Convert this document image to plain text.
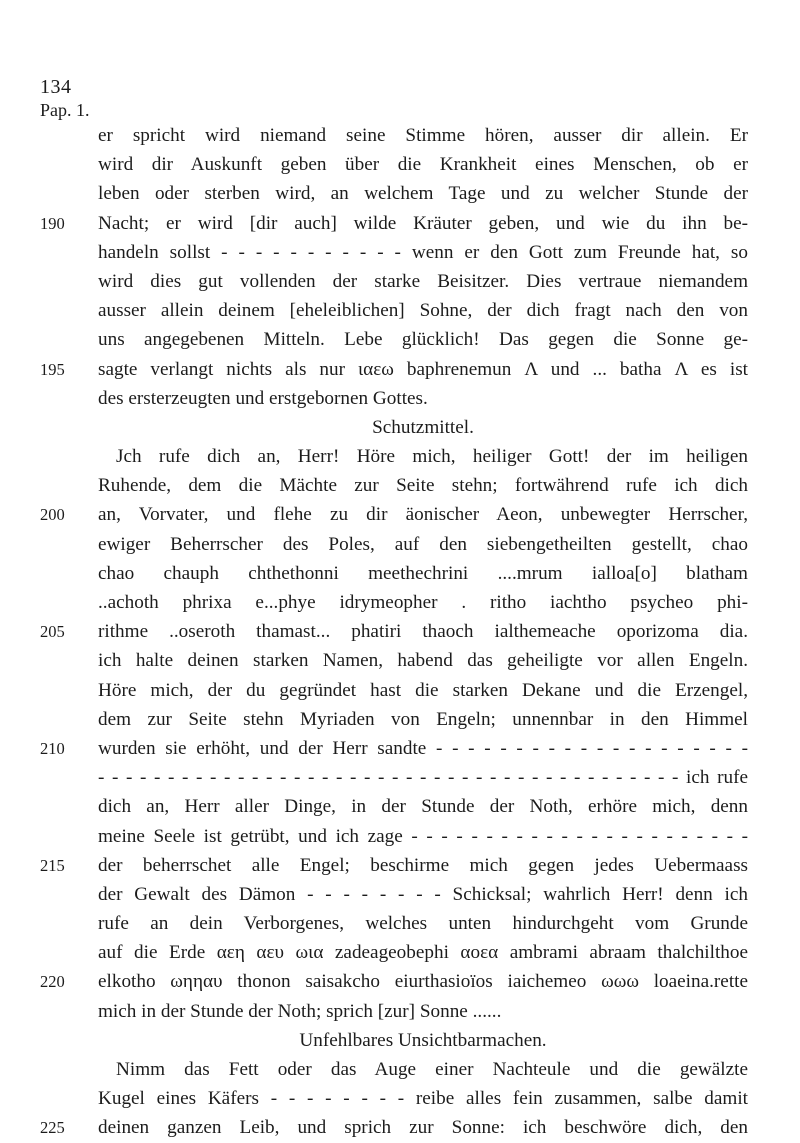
134
Pap. 1.
er spricht wird niemand seine Stimme hören, ausser dir allein. Er
wird dir Auskunft geben über die Krankheit eines Menschen, ob er
leben oder sterben wird, an welchem Tage und zu welcher Stunde der
Nacht; er wird [dir auch] wilde Kräuter geben, und wie du ihn be-
190
handeln sollst - - - - - - - - - - - wenn er den Gott zum Freunde hat, so
wird dies gut vollenden der starke Beisitzer. Dies vertraue niemandem
ausser allein deinem [eheleiblichen] Sohne, der dich fragt nach den von
uns angegebenen Mitteln. Lebe glücklich! Das gegen die Sonne ge-
sagte verlangt nichts als nur ιαεω baphrenemun Λ und ... batha Λ es ist
195
des ersterzeugten und erstgebornen Gottes.
Schutzmittel.
Jch rufe dich an, Herr! Höre mich, heiliger Gott! der im heiligen
Ruhende, dem die Mächte zur Seite stehn; fortwährend rufe ich dich
an, Vorvater, und flehe zu dir äonischer Aeon, unbewegter Herrscher,
200
ewiger Beherrscher des Poles, auf den siebengetheilten gestellt, chao
chao chauph chthethonni meethechrini ....mrum ialloa[o] blatham
..achoth phrixa e...phye idrymeopher . ritho iachtho psycheo phi-
rithme ..oseroth thamast... phatiri thaoch ialthemeache oporizoma dia.
205
ich halte deinen starken Namen, habend das geheiligte vor allen Engeln.
Höre mich, der du gegründet hast die starken Dekane und die Erzengel,
dem zur Seite stehn Myriaden von Engeln; unnennbar in den Himmel
wurden sie erhöht, und der Herr sandte - - - - - - - - - - - - - - - - - - - -
210
- - - - - - - - - - - - - - - - - - - - - - - - - - - - - - - - - - - - - - - - - - ich rufe
dich an, Herr aller Dinge, in der Stunde der Noth, erhöre mich, denn
meine Seele ist getrübt, und ich zage - - - - - - - - - - - - - - - - - - - - - - -
der beherrschet alle Engel; beschirme mich gegen jedes Uebermaass
215
der Gewalt des Dämon - - - - - - - - Schicksal; wahrlich Herr! denn ich
rufe an dein Verborgenes, welches unten hindurchgeht vom Grunde
auf die Erde αεη αευ ωια zadeageobephi αοεα ambrami abraam thalchilthoe
elkotho ωηηαυ thonon saisakcho eiurthasioïos iaichemeo ωωω loaeina.rette
220
mich in der Stunde der Noth; sprich [zur] Sonne ......
Unfehlbares Unsichtbarmachen.
Nimm das Fett oder das Auge einer Nachteule und die gewälzte
Kugel eines Käfers - - - - - - - - reibe alles fein zusammen, salbe damit
deinen ganzen Leib, und sprich zur Sonne: ich beschwöre dich, den
225
